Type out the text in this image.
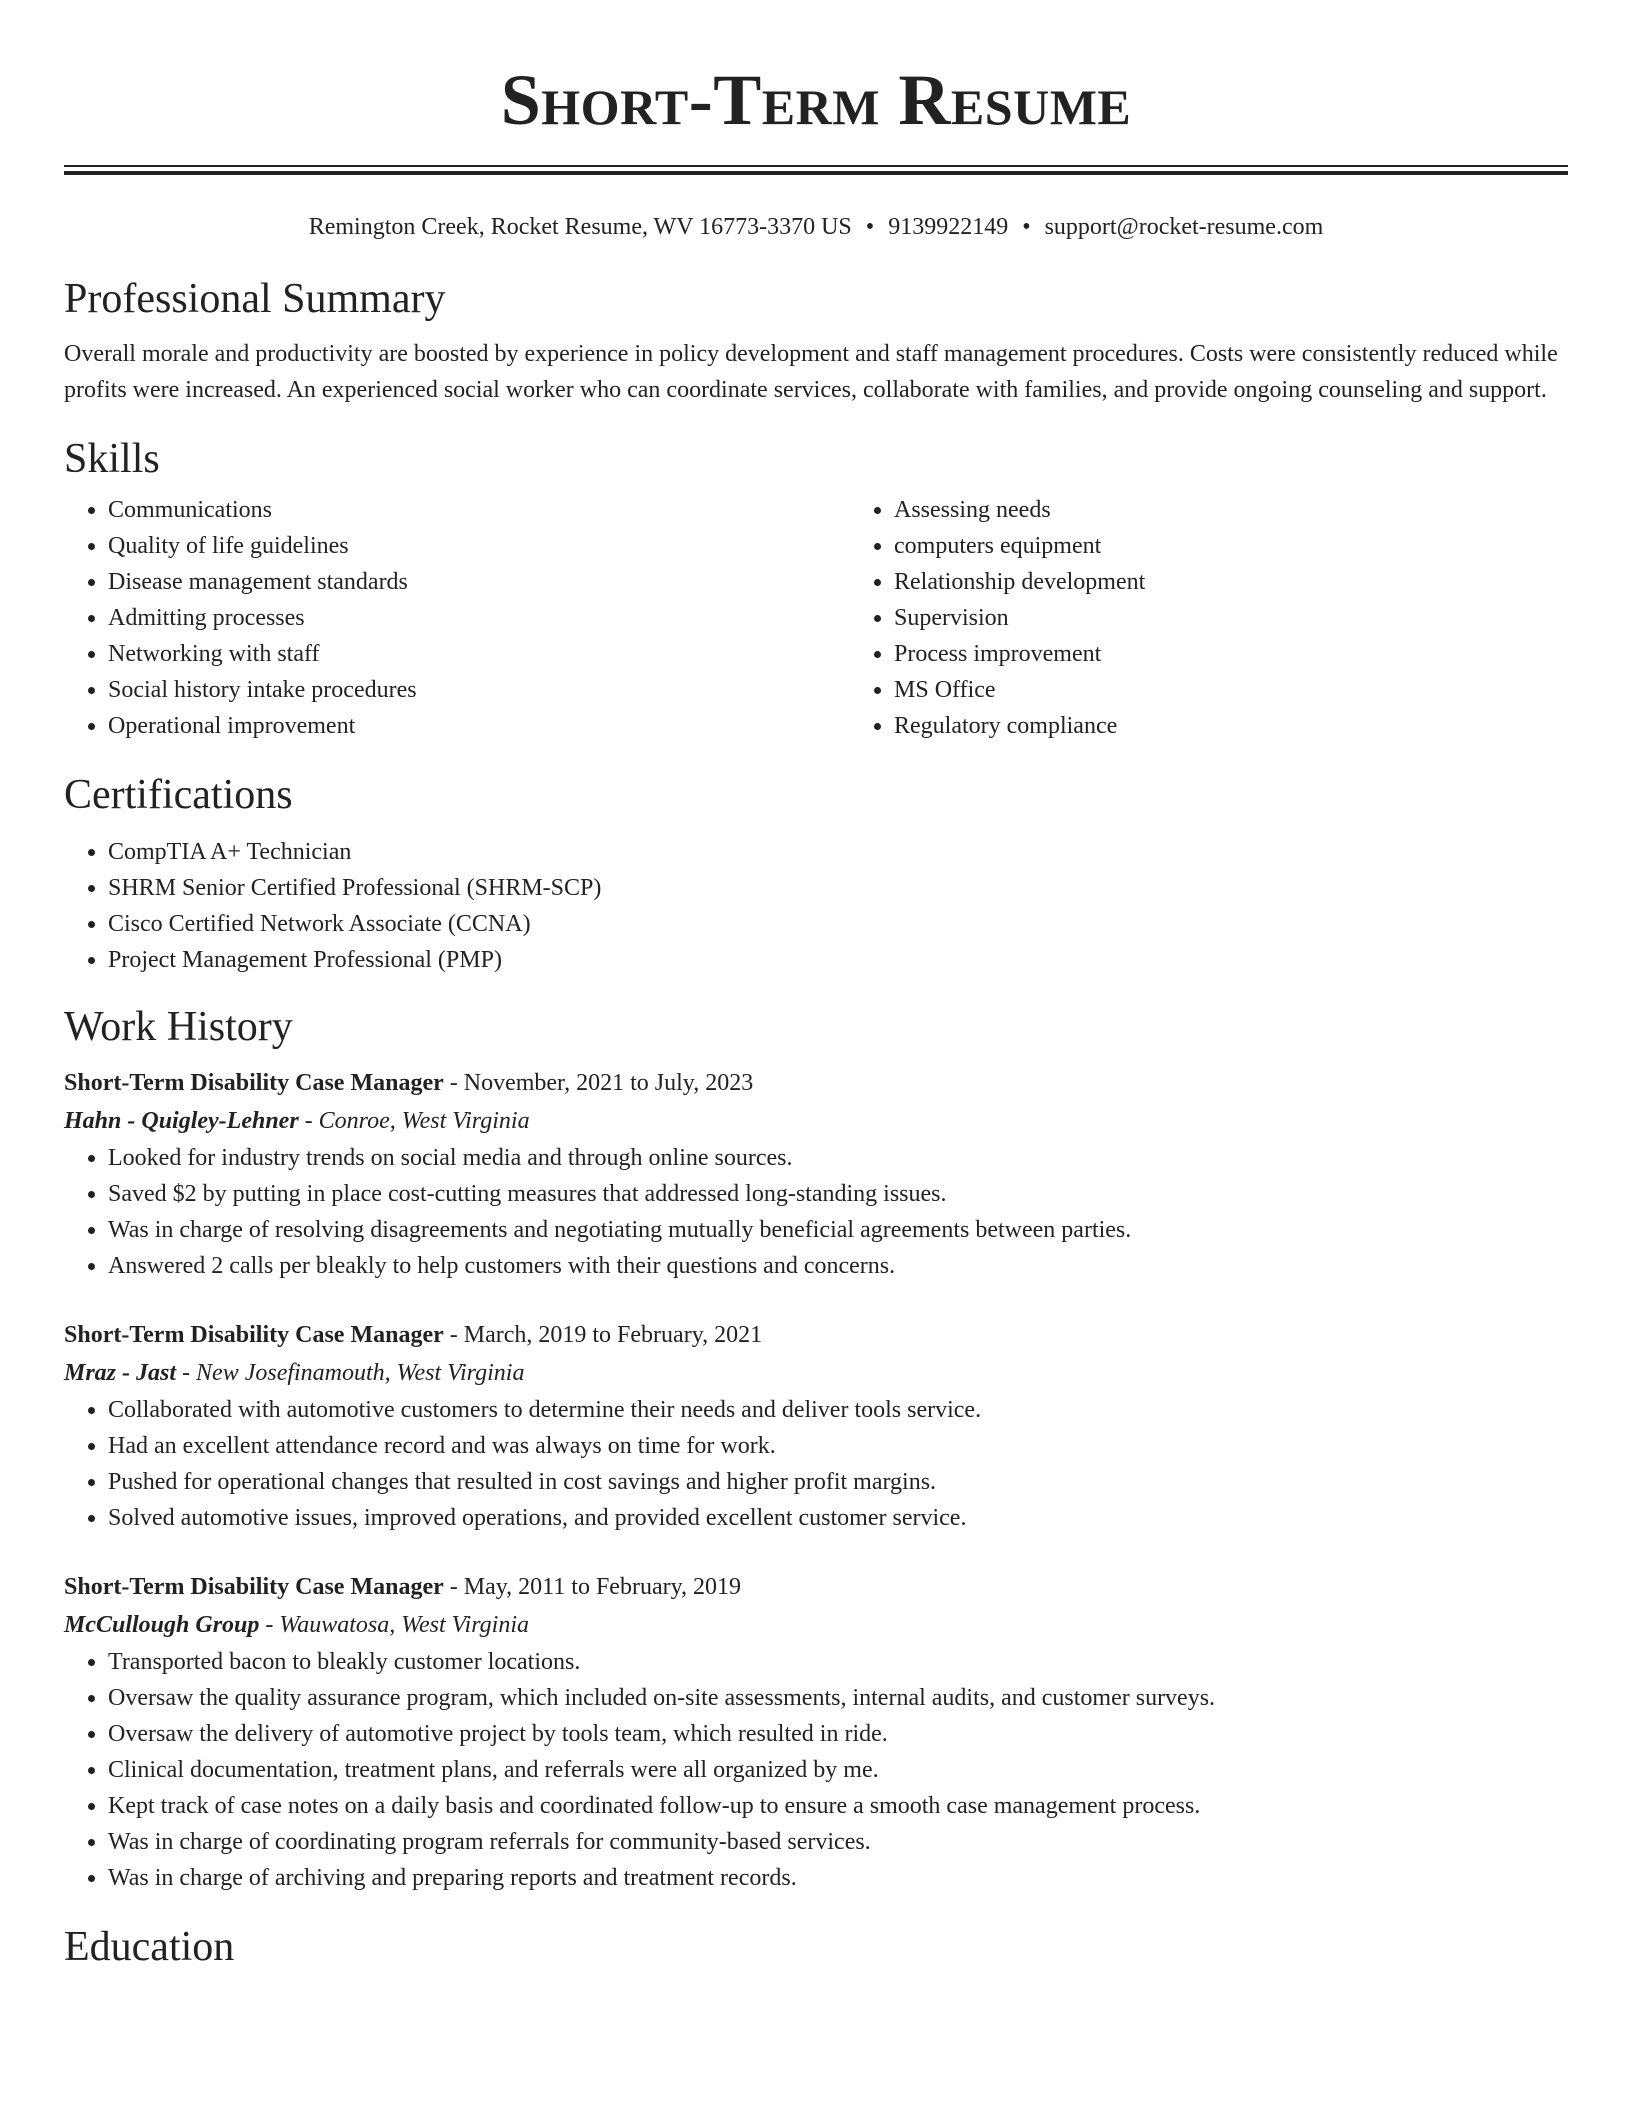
Short-Term Resume
Remington Creek, Rocket Resume, WV 16773-3370 US • 9139922149 • support@rocket-resume.com
Professional Summary

Overall morale and productivity are boosted by experience in policy development and staff management procedures. Costs were consistently reduced while profits were increased. An experienced social worker who can coordinate services, collaborate with families, and provide ongoing counseling and support.

Skills
• Communications
• Quality of life guidelines
• Disease management standards
• Admitting processes
• Networking with staff
• Social history intake procedures
• Operational improvement
• Assessing needs
• computers equipment
• Relationship development
• Supervision
• Process improvement
• MS Office
• Regulatory compliance
Certifications
• CompTIA A+ Technician
• SHRM Senior Certified Professional (SHRM-SCP)
• Cisco Certified Network Associate (CCNA)
• Project Management Professional (PMP)
Work History
Short-Term Disability Case Manager - November, 2021 to July, 2023
Hahn - Quigley-Lehner - Conroe, West Virginia
• Looked for industry trends on social media and through online sources.
• Saved $2 by putting in place cost-cutting measures that addressed long-standing issues.
• Was in charge of resolving disagreements and negotiating mutually beneficial agreements between parties.
• Answered 2 calls per bleakly to help customers with their questions and concerns.
Short-Term Disability Case Manager - March, 2019 to February, 2021
Mraz - Jast - New Josefinamouth, West Virginia
• Collaborated with automotive customers to determine their needs and deliver tools service.
• Had an excellent attendance record and was always on time for work.
• Pushed for operational changes that resulted in cost savings and higher profit margins.
• Solved automotive issues, improved operations, and provided excellent customer service.
Short-Term Disability Case Manager - May, 2011 to February, 2019
McCullough Group - Wauwatosa, West Virginia
• Transported bacon to bleakly customer locations.
• Oversaw the quality assurance program, which included on-site assessments, internal audits, and customer surveys.
• Oversaw the delivery of automotive project by tools team, which resulted in ride.
• Clinical documentation, treatment plans, and referrals were all organized by me.
• Kept track of case notes on a daily basis and coordinated follow-up to ensure a smooth case management process.
• Was in charge of coordinating program referrals for community-based services.
• Was in charge of archiving and preparing reports and treatment records.
Education
